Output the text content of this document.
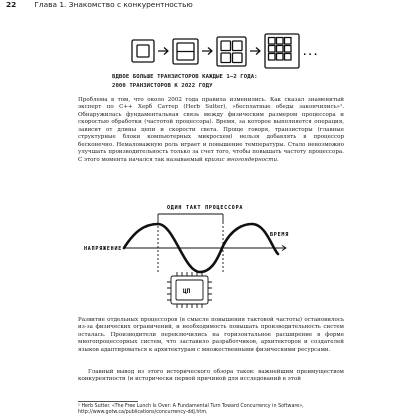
22 Глава 1. Знакомство с конкурентностью
...
ВДВОЕ БОЛЬШЕ ТРАНЗИСТОРОВ КАЖДЫЕ 1–2 ГОДА:
2000 ТРАНЗИСТОРОВ К 2022 ГОДУ

Проблема в том, что около 2002 года правила изменились. Как сказал знаменитый эксперт по C++ Херб Саттер (Herb Sutter), «бесплатные обеды закончились»¹. Обнаружилась фундаментальная связь между физическим размером процессора и скоростью обработки (частотой процессора). Время, за которое выполняется операция, зависит от длины цепи и скорости света. Проще говоря, транзисторы (главные структурные блоки компьютерных микросхем) нельзя добавлять в процессор бесконечно. Немаловажную роль играет и повышение температуры. Стало невозможно улучшать производительность только за счет того, чтобы повышать частоту процессора. С этого момента начался так называемый кризис многоядерности.

ОДИН ТАКТ ПРОЦЕССОРА
ВРЕМЯ
НАПРЯЖЕНИЕ
ЦП

Развитие отдельных процессоров (в смысле повышения тактовой частоты) остановилось из-за физических ограничений, и необходимость повышать производительность систем осталась. Производители переключились на горизонтальное расширение в форме многопроцессорных систем, что заставило разработчиков, архитекторов и создателей языков адаптироваться к архитектурам с множественными физическими ресурсами.

Главный вывод из этого исторического обзора таков: важнейшим преимуществом конкурентности (и исторически первой причиной для исследований в этой

¹ Herb Sutter. «The Free Lunch Is Over: A Fundamental Turn Toward Concurrency in Software», http://www.gotw.ca/publications/concurrency-ddj.htm.
